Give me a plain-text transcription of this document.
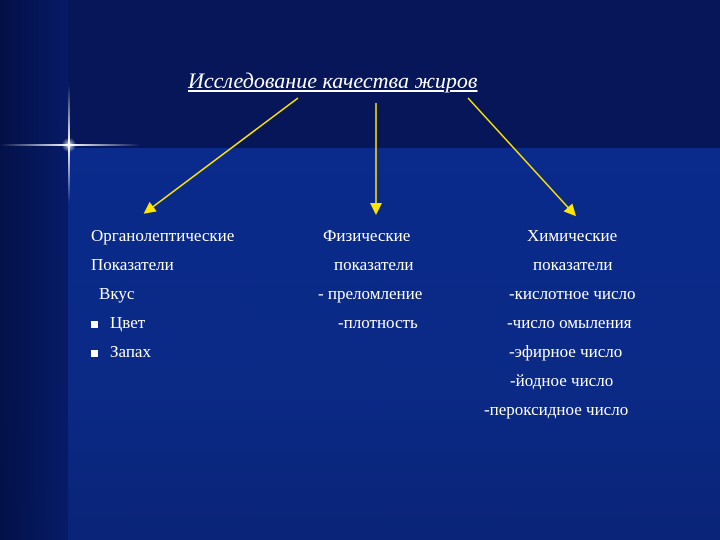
Исследование качества жиров
Органолептические
Показатели
Вкус
Цвет
Запах
Физические
показатели
- преломление
-плотность
Химические
показатели
-кислотное число
-число омыления
-эфирное число
-йодное число
-пероксидное число
